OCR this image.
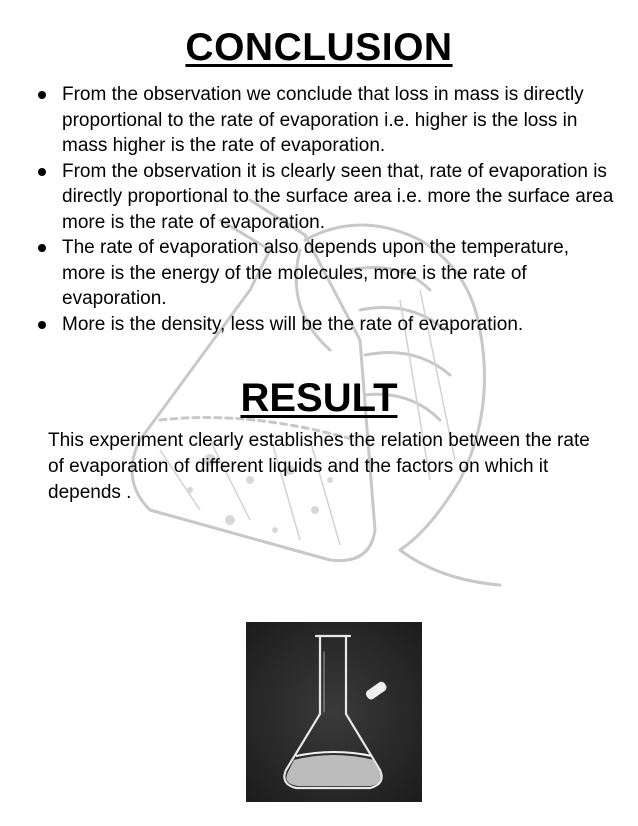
CONCLUSION
From the observation we conclude that loss in mass is directly proportional to the rate of evaporation i.e. higher is the loss in mass higher is the rate of evaporation.
From the observation it is clearly seen that, rate of evaporation is directly proportional to the surface area i.e. more the surface area more is the rate of evaporation.
The rate of evaporation also depends upon the temperature, more is the energy of the molecules, more is the rate of evaporation.
More is the density, less will be the rate of evaporation.
RESULT

This experiment clearly establishes the relation between the rate of evaporation of different liquids and the factors on which it depends .
